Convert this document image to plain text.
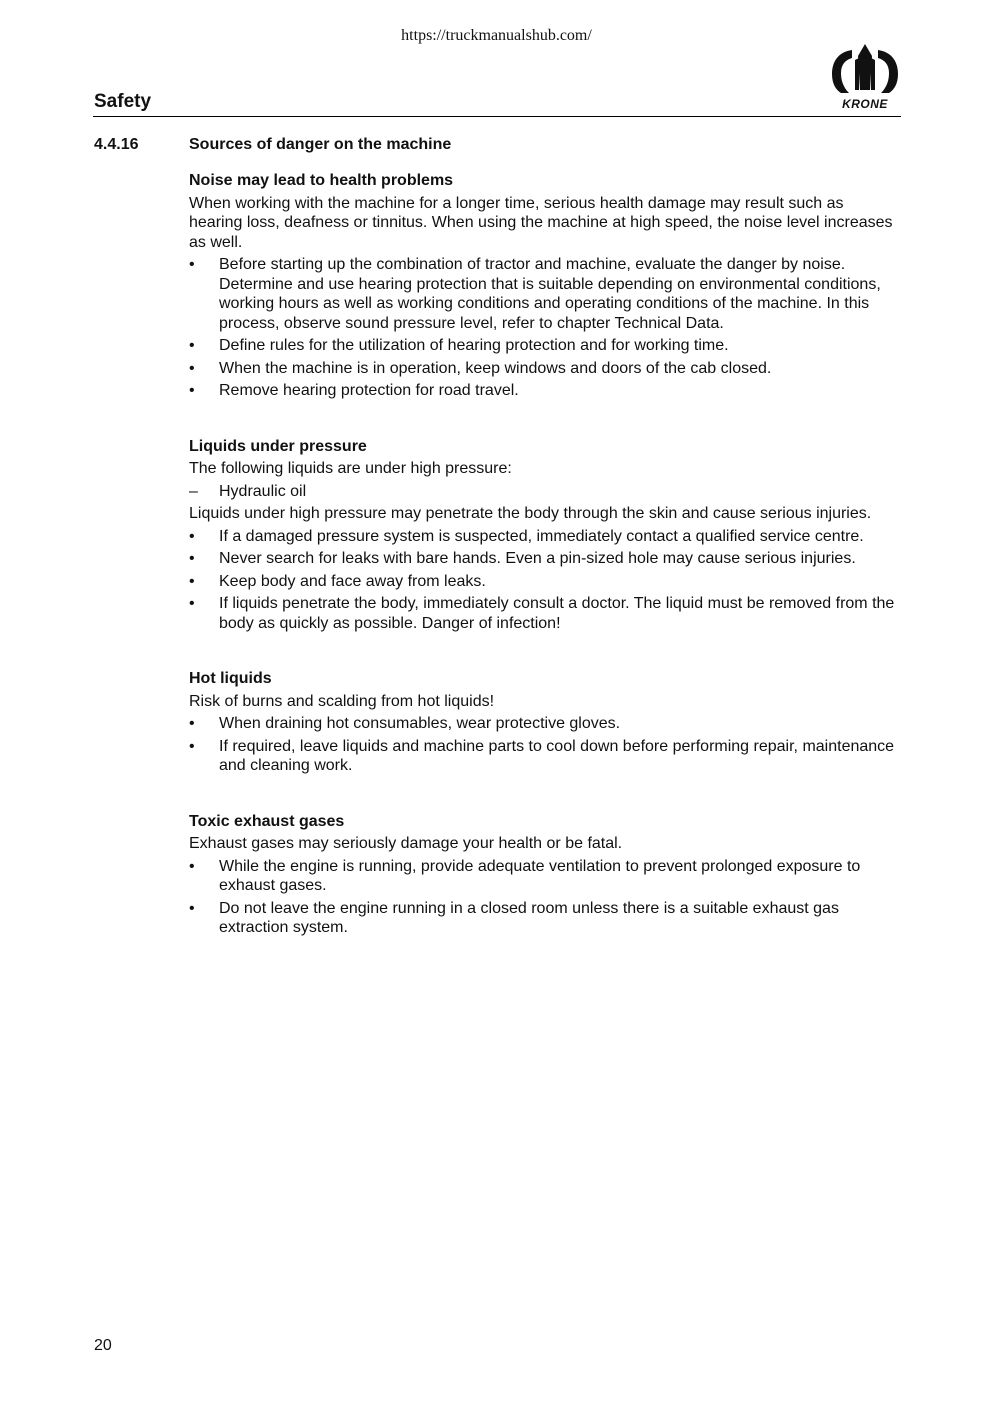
https://truckmanualshub.com/
Safety	KRONE
4.4.16	Sources of danger on the machine
Noise may lead to health problems
When working with the machine for a longer time, serious health damage may result such as hearing loss, deafness or tinnitus. When using the machine at high speed, the noise level increases as well.
• Before starting up the combination of tractor and machine, evaluate the danger by noise. Determine and use hearing protection that is suitable depending on environmental conditions, working hours as well as working conditions and operating conditions of the machine. In this process, observe sound pressure level, refer to chapter Technical Data.
• Define rules for the utilization of hearing protection and for working time.
• When the machine is in operation, keep windows and doors of the cab closed.
• Remove hearing protection for road travel.
Liquids under pressure
The following liquids are under high pressure:
– Hydraulic oil
Liquids under high pressure may penetrate the body through the skin and cause serious injuries.
• If a damaged pressure system is suspected, immediately contact a qualified service centre.
• Never search for leaks with bare hands. Even a pin-sized hole may cause serious injuries.
• Keep body and face away from leaks.
• If liquids penetrate the body, immediately consult a doctor. The liquid must be removed from the body as quickly as possible. Danger of infection!
Hot liquids
Risk of burns and scalding from hot liquids!
• When draining hot consumables, wear protective gloves.
• If required, leave liquids and machine parts to cool down before performing repair, maintenance and cleaning work.
Toxic exhaust gases
Exhaust gases may seriously damage your health or be fatal.
• While the engine is running, provide adequate ventilation to prevent prolonged exposure to exhaust gases.
• Do not leave the engine running in a closed room unless there is a suitable exhaust gas extraction system.
20
